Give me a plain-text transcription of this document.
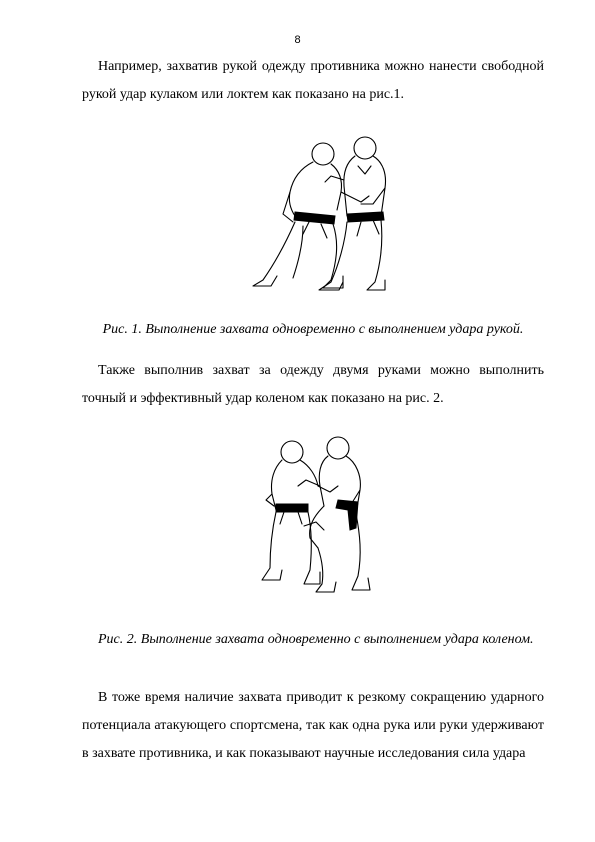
8

Например, захватив рукой одежду противника можно нанести свободной рукой удар кулаком или локтем как показано на рис.1.

Рис. 1. Выполнение захвата одновременно с выполнением удара рукой.

Также выполнив захват за одежду двумя руками можно выполнить точный и эффективный удар коленом как показано на рис. 2.

Рис. 2. Выполнение захвата одновременно с выполнением удара коленом.

В тоже время наличие захвата приводит к резкому сокращению ударного потенциала атакующего спортсмена, так как одна рука или руки удерживают в захвате противника, и как показывают научные исследования сила удара
